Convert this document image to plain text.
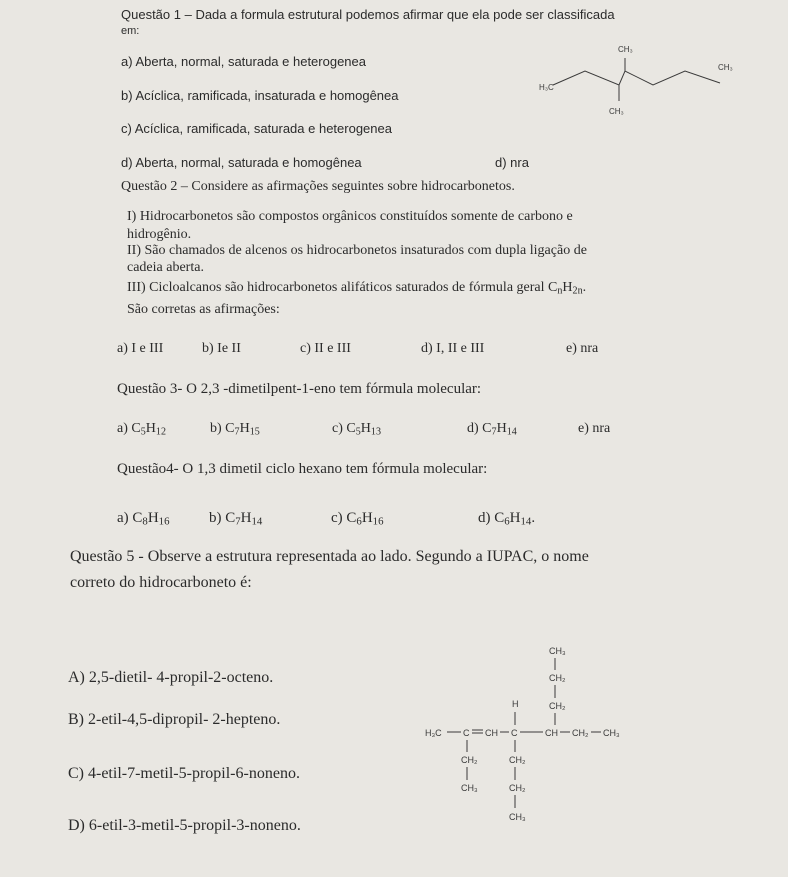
Questão 1 – Dada a formula estrutural podemos afirmar que ela pode ser classificada
em:
a) Aberta, normal, saturada e heterogenea
b) Acíclica, ramificada, insaturada e homogênea
c) Acíclica, ramificada, saturada e heterogenea
d) Aberta, normal, saturada e homogênea	d) nra
CH₃
CH₃
H₃C
CH₃
Questão 2 – Considere as afirmações seguintes sobre hidrocarbonetos.
I) Hidrocarbonetos são compostos orgânicos constituídos somente de carbono e
hidrogênio.
II) São chamados de alcenos os hidrocarbonetos insaturados com dupla ligação de
cadeia aberta.
III) Cicloalcanos são hidrocarbonetos alifáticos saturados de fórmula geral $C_nH_{2n}$.
São corretas as afirmações:
a) I e III	b) Ie II	c) II e III	d) I, II e III	e) nra
Questão 3- O 2,3 -dimetilpent-1-eno tem fórmula molecular:
a) $C_5H_{12}$	b) $C_7H_{15}$	c) $C_5H_{13}$	d) $C_7H_{14}$	e) nra
Questão4- O 1,3 dimetil ciclo hexano tem fórmula molecular:
a) $C_8H_{16}$	b) $C_7H_{14}$	c) $C_6H_{16}$	d) $C_6H_{14}$.
Questão 5 - Observe a estrutura representada ao lado. Segundo a IUPAC, o nome
correto do hidrocarboneto é:
A) 2,5-dietil- 4-propil-2-octeno.
B) 2-etil-4,5-dipropil- 2-hepteno.
C) 4-etil-7-metil-5-propil-6-noneno.
D) 6-etil-3-metil-5-propil-3-noneno.
CH₃
CH₂
CH₂
H
H₃C C CH C	CH CH₂ CH₃
CH₂
CH₃
CH₂
CH₂
CH₃
